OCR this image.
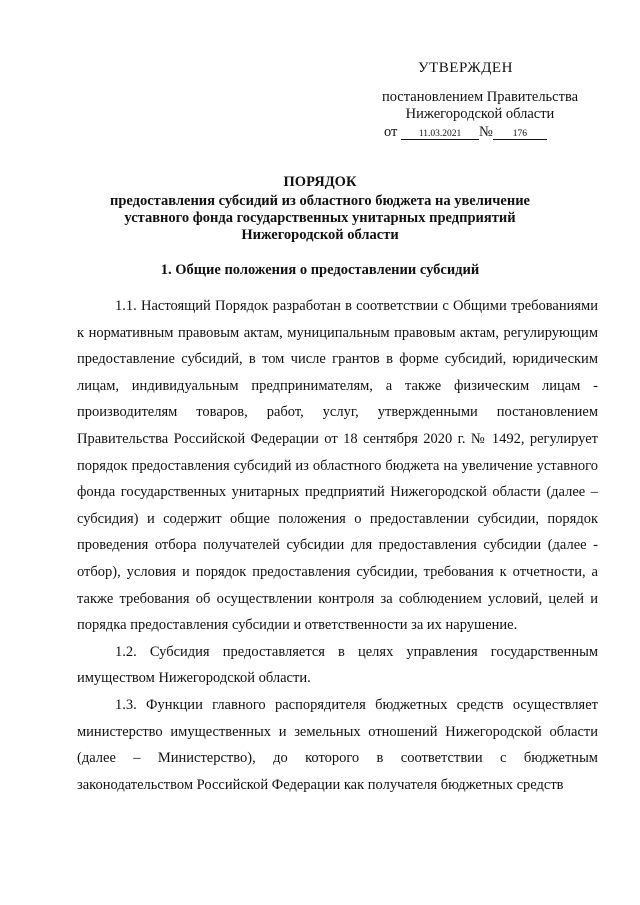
УТВЕРЖДЕН
постановлением Правительства
Нижегородской области
от 11.03.2021 № 176
ПОРЯДОК
предоставления субсидий из областного бюджета на увеличение
уставного фонда государственных унитарных предприятий
Нижегородской области
1. Общие положения о предоставлении субсидий

1.1. Настоящий Порядок разработан в соответствии с Общими требованиями к нормативным правовым актам, муниципальным правовым актам, регулирующим предоставление субсидий, в том числе грантов в форме субсидий, юридическим лицам, индивидуальным предпринимателям, а также физическим лицам - производителям товаров, работ, услуг, утвержденными постановлением Правительства Российской Федерации от 18 сентября 2020 г. № 1492, регулирует порядок предоставления субсидий из областного бюджета на увеличение уставного фонда государственных унитарных предприятий Нижегородской области (далее – субсидия) и содержит общие положения о предоставлении субсидии, порядок проведения отбора получателей субсидии для предоставления субсидии (далее - отбор), условия и порядок предоставления субсидии, требования к отчетности, а также требования об осуществлении контроля за соблюдением условий, целей и порядка предоставления субсидии и ответственности за их нарушение.

1.2. Субсидия предоставляется в целях управления государственным имуществом Нижегородской области.

1.3. Функции главного распорядителя бюджетных средств осуществляет министерство имущественных и земельных отношений Нижегородской области (далее – Министерство), до которого в соответствии с бюджетным законодательством Российской Федерации как получателя бюджетных средств
